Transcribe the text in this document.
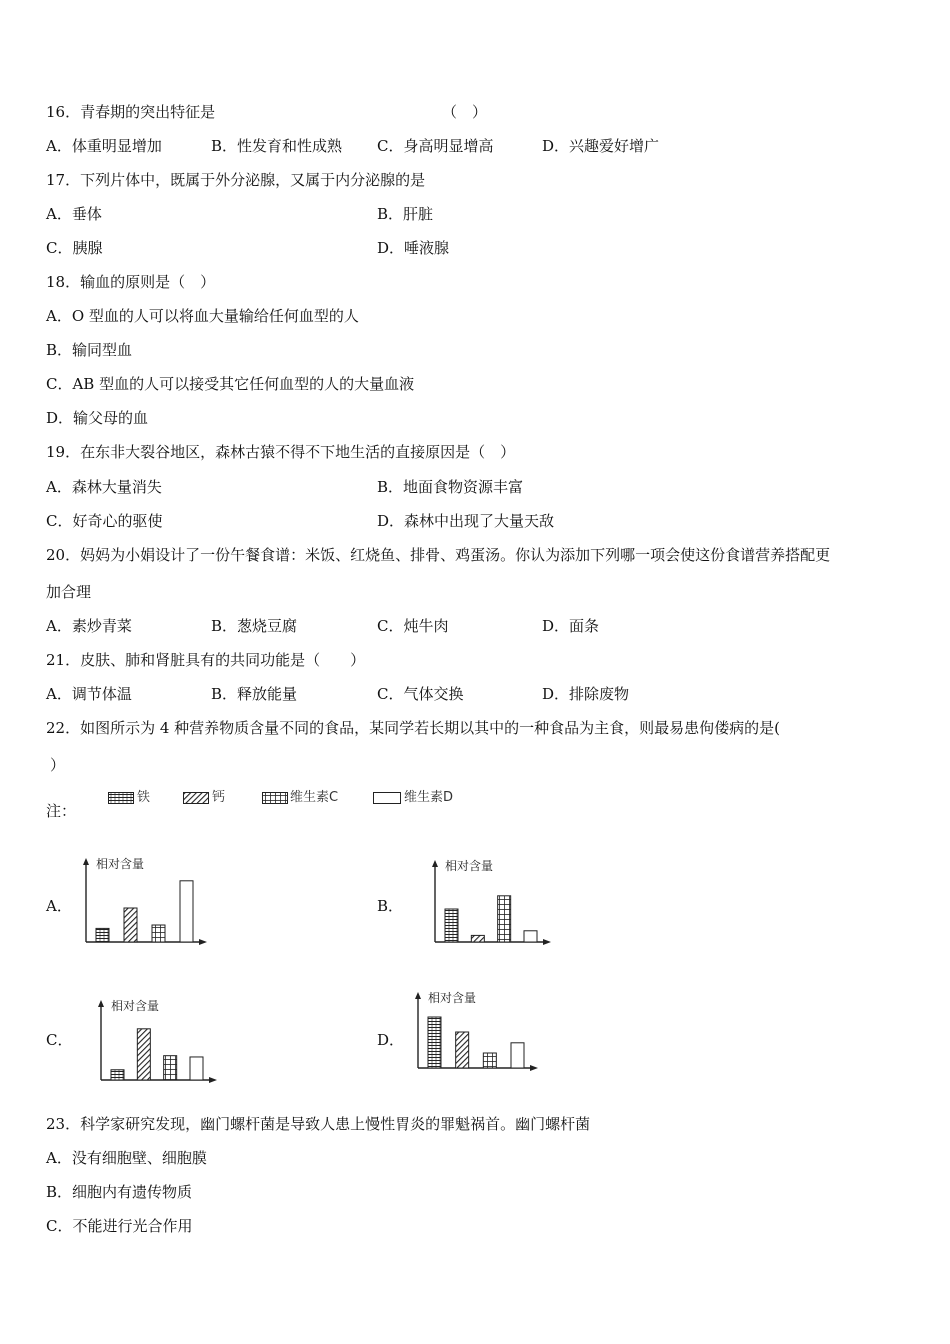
16．青春期的突出特征是	（　）
A．体重明显增加	B．性发育和性成熟 C．身高明显增高	D．兴趣爱好增广
17．下列片体中，既属于外分泌腺，又属于内分泌腺的是
A．垂体	B．肝脏
C．胰腺	D．唾液腺
18．输血的原则是（　）
A．O 型血的人可以将血大量输给任何血型的人
B．输同型血
C．AB 型血的人可以接受其它任何血型的人的大量血液
D．输父母的血
19．在东非大裂谷地区，森林古猿不得不下地生活的直接原因是（　）
A．森林大量消失	B．地面食物资源丰富
C．好奇心的驱使	D．森林中出现了大量天敌
20．妈妈为小娟设计了一份午餐食谱：米饭、红烧鱼、排骨、鸡蛋汤。你认为添加下列哪一项会使这份食谱营养搭配更
加合理
A．素炒青菜	B．葱烧豆腐	C．炖牛肉	D．面条
21．皮肤、肺和肾脏具有的共同功能是（　　）
A．调节体温	B．释放能量	C．气体交换	D．排除废物
22．如图所示为 4 种营养物质含量不同的食品，某同学若长期以其中的一种食品为主食，则最易患佝偻病的是(
）
注：
铁	钙	维生素C	维生素D
A．	B．
C．	D．
相对含量	相对含量
相对含量
相对含量
23．科学家研究发现，幽门螺杆菌是导致人患上慢性胃炎的罪魁祸首。幽门螺杆菌
A．没有细胞壁、细胞膜
B．细胞内有遗传物质
C．不能进行光合作用
